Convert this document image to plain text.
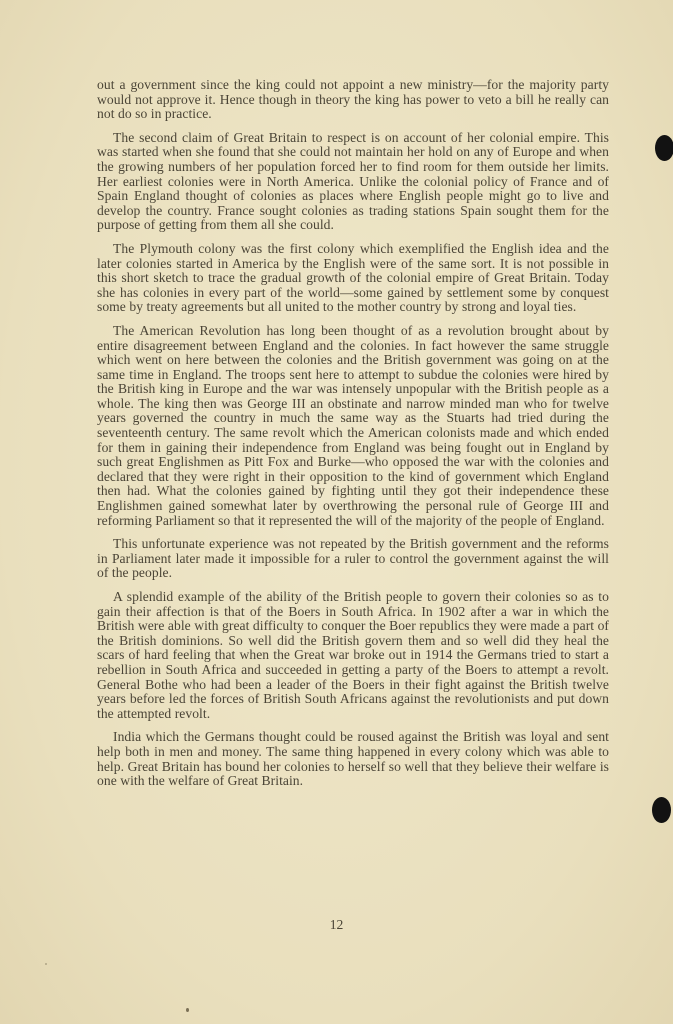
out a government since the king could not appoint a new ministry—for the majority party would not approve it. Hence though in theory the king has power to veto a bill he really can not do so in practice.

The second claim of Great Britain to respect is on account of her colonial empire. This was started when she found that she could not maintain her hold on any of Europe and when the growing numbers of her population forced her to find room for them outside her limits. Her earliest colonies were in North America. Unlike the colonial policy of France and of Spain England thought of colonies as places where English people might go to live and develop the country. France sought colonies as trading stations Spain sought them for the purpose of getting from them all she could.

The Plymouth colony was the first colony which exemplified the English idea and the later colonies started in America by the English were of the same sort. It is not possible in this short sketch to trace the gradual growth of the colonial empire of Great Britain. Today she has colonies in every part of the world—some gained by settlement some by conquest some by treaty agreements but all united to the mother country by strong and loyal ties.

The American Revolution has long been thought of as a revolution brought about by entire disagreement between England and the colonies. In fact however the same struggle which went on here between the colonies and the British government was going on at the same time in England. The troops sent here to attempt to subdue the colonies were hired by the British king in Europe and the war was intensely unpopular with the British people as a whole. The king then was George III an obstinate and narrow minded man who for twelve years governed the country in much the same way as the Stuarts had tried during the seventeenth century. The same revolt which the American colonists made and which ended for them in gaining their independence from England was being fought out in England by such great Englishmen as Pitt Fox and Burke—who opposed the war with the colonies and declared that they were right in their opposition to the kind of government which England then had. What the colonies gained by fighting until they got their independence these Englishmen gained somewhat later by overthrowing the personal rule of George III and reforming Parliament so that it represented the will of the majority of the people of England.

This unfortunate experience was not repeated by the British government and the reforms in Parliament later made it impossible for a ruler to control the government against the will of the people.

A splendid example of the ability of the British people to govern their colonies so as to gain their affection is that of the Boers in South Africa. In 1902 after a war in which the British were able with great difficulty to conquer the Boer republics they were made a part of the British dominions. So well did the British govern them and so well did they heal the scars of hard feeling that when the Great war broke out in 1914 the Germans tried to start a rebellion in South Africa and succeeded in getting a party of the Boers to attempt a revolt. General Bothe who had been a leader of the Boers in their fight against the British twelve years before led the forces of British South Africans against the revolutionists and put down the attempted revolt.

India which the Germans thought could be roused against the British was loyal and sent help both in men and money. The same thing happened in every colony which was able to help. Great Britain has bound her colonies to herself so well that they believe their welfare is one with the welfare of Great Britain.

12
